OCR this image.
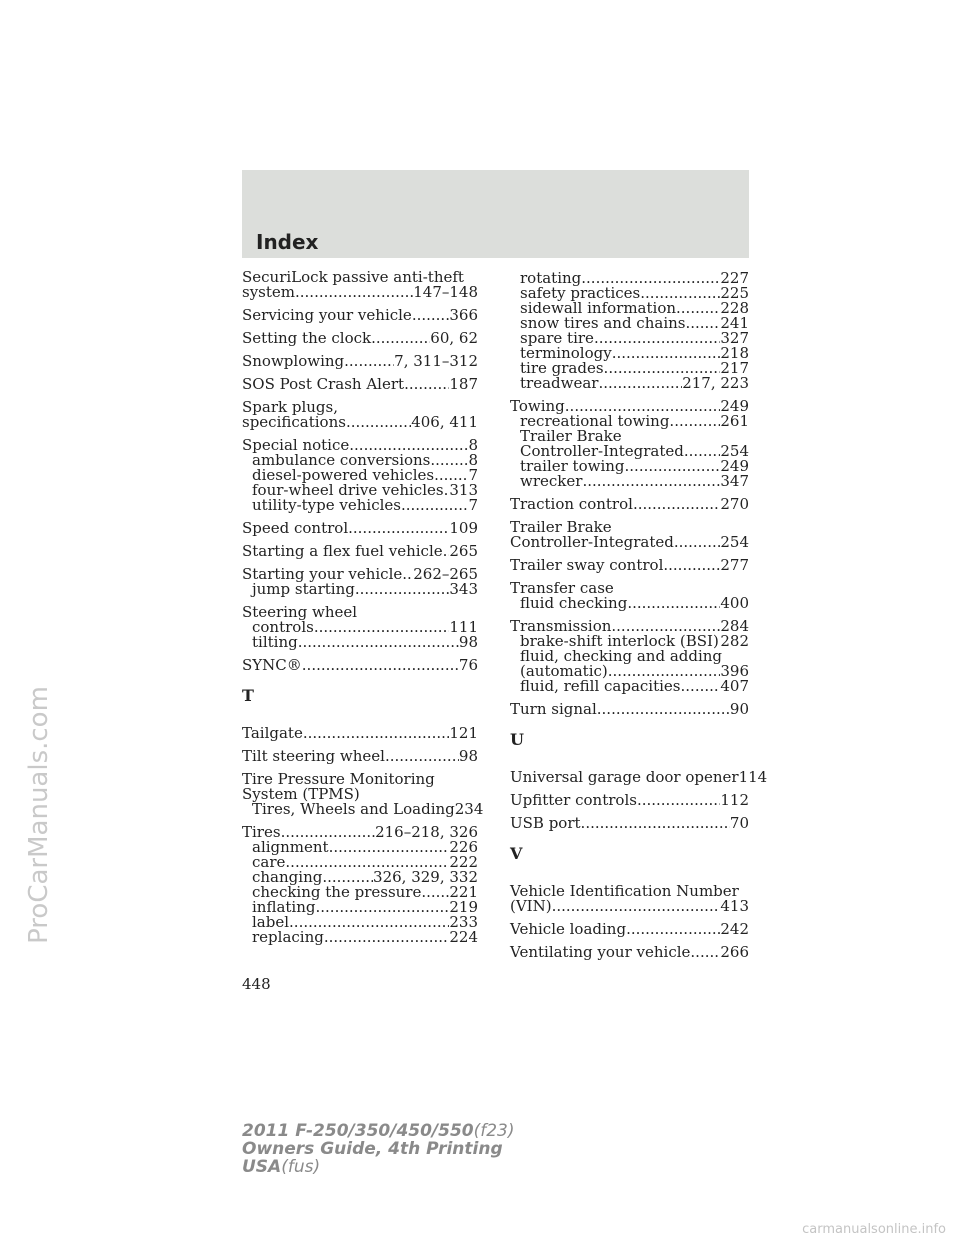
Index
SecuriLock passive anti-theft
system .....	147–148
Servicing your vehicle .....	366
Setting the clock .....	60, 62
Snowplowing .....	7, 311–312
SOS Post Crash Alert .....	187
Spark plugs,
specifications .....	406, 411
Special notice .....	8
ambulance conversions .....	8
diesel-powered vehicles ..... 7
four-wheel drive vehicles ..... 313
utility-type vehicles .....	7
Speed control .....	109
Starting a flex fuel vehicle ..... 265
Starting your vehicle ..... 262–265
jump starting .....	343
Steering wheel
controls .....	111
tilting .....	98
SYNC® .....	76
T
Tailgate .....	121
Tilt steering wheel .....	98
Tire Pressure Monitoring
System (TPMS)
Tires, Wheels and Loading 234
Tires .....	216–218, 326
alignment .....	226
care .....	222
changing .....	326, 329, 332
checking the pressure ..... 221
inflating .....	219
label .....	233
replacing .....	224
rotating .....	227
safety practices .....	225
sidewall information .....	228
snow tires and chains ..... 241
spare tire .....	327
terminology .....	218
tire grades .....	217
treadwear .....	217, 223
Towing .....	249
recreational towing .....	261
Trailer Brake
Controller-Integrated ..... 254
trailer towing .....	249
wrecker .....	347
Traction control .....	270
Trailer Brake
Controller-Integrated .....	254
Trailer sway control .....	277
Transfer case
fluid checking .....	400
Transmission .....	284
brake-shift interlock (BSI) ..... 282
fluid, checking and adding
(automatic) .....	396
fluid, refill capacities .....	407
Turn signal .....	90
U
Universal garage door opener 114
Upfitter controls .....	112
USB port .....	70
V
Vehicle Identification Number
(VIN) .....	413
Vehicle loading .....	242
Ventilating your vehicle ..... 266
448
ProCarManuals.com
2011 F-250/350/450/550(f23)
Owners Guide, 4th Printing
USA(fus)
carmanualsonline.info
